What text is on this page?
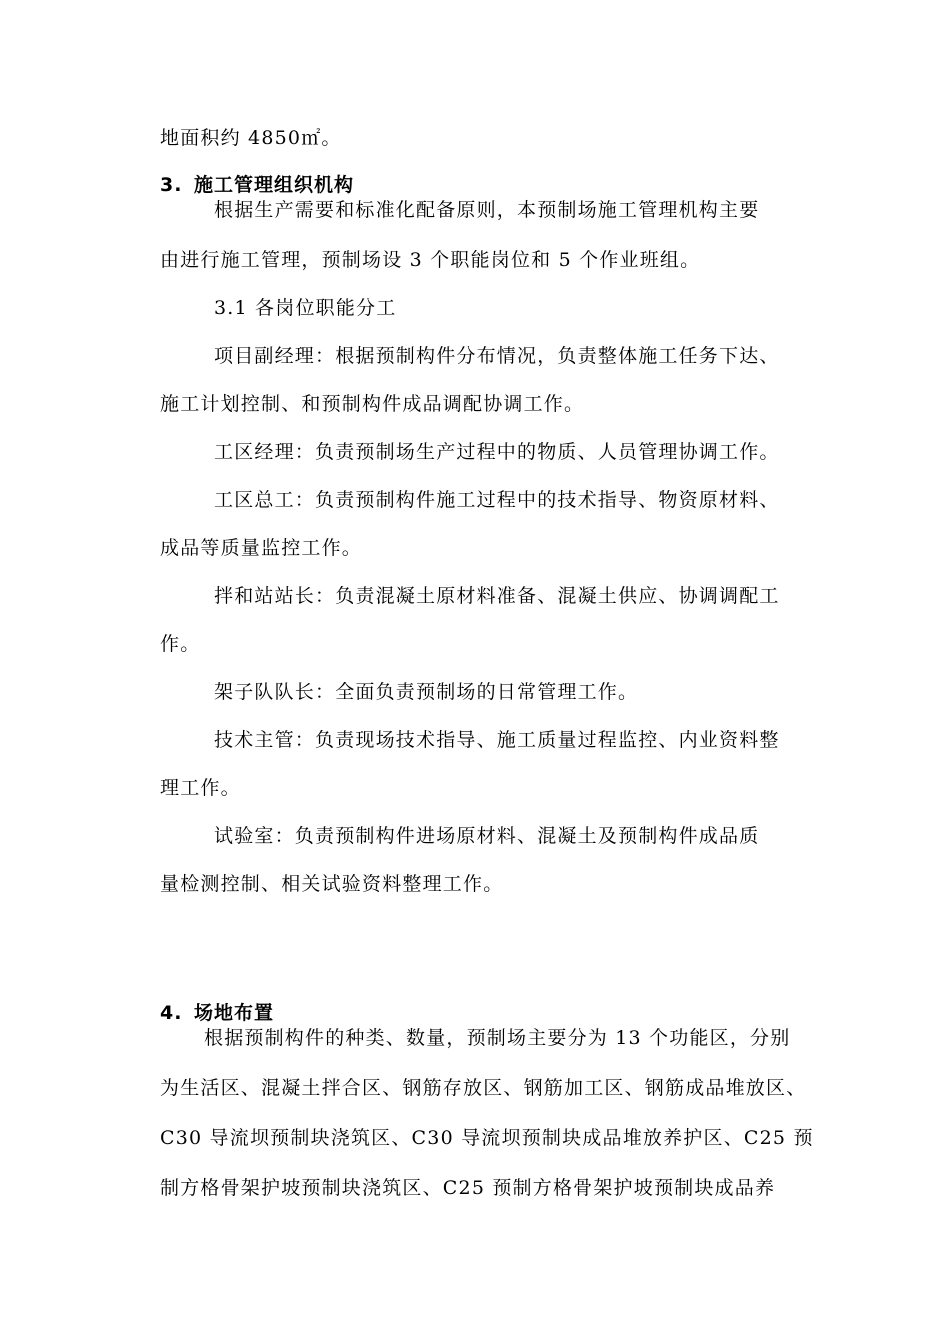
地面积约 4850㎡。
3. 施工管理组织机构
根据生产需要和标准化配备原则，本预制场施工管理机构主要
由进行施工管理，预制场设 3 个职能岗位和 5 个作业班组。
3.1 各岗位职能分工
项目副经理：根据预制构件分布情况，负责整体施工任务下达、
施工计划控制、和预制构件成品调配协调工作。
工区经理：负责预制场生产过程中的物质、人员管理协调工作。
工区总工：负责预制构件施工过程中的技术指导、物资原材料、
成品等质量监控工作。
拌和站站长：负责混凝土原材料准备、混凝土供应、协调调配工
作。
架子队队长：全面负责预制场的日常管理工作。
技术主管：负责现场技术指导、施工质量过程监控、内业资料整
理工作。
试验室：负责预制构件进场原材料、混凝土及预制构件成品质
量检测控制、相关试验资料整理工作。
4. 场地布置
根据预制构件的种类、数量，预制场主要分为 13 个功能区，分别
为生活区、混凝土拌合区、钢筋存放区、钢筋加工区、钢筋成品堆放区、
C30 导流坝预制块浇筑区、C30 导流坝预制块成品堆放养护区、C25 预
制方格骨架护坡预制块浇筑区、C25 预制方格骨架护坡预制块成品养
